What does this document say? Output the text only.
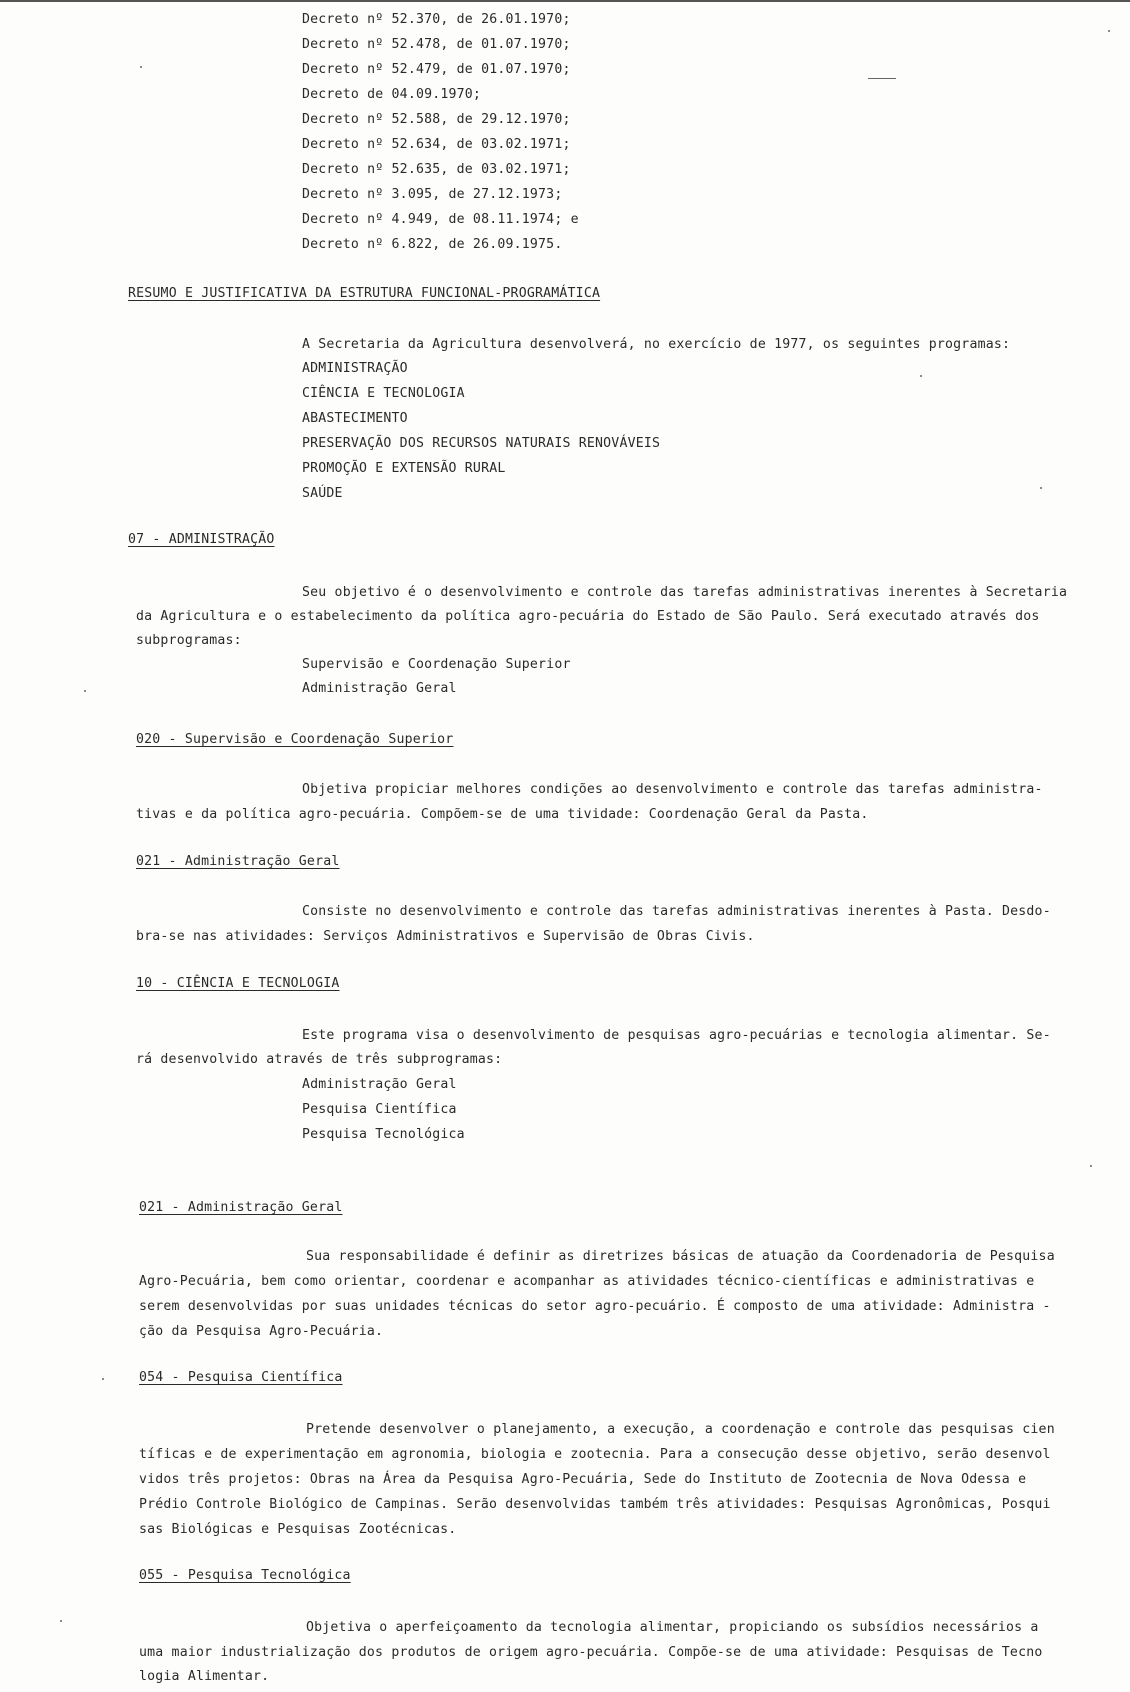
Decreto nº 52.370, de 26.01.1970;
Decreto nº 52.478, de 01.07.1970;
Decreto nº 52.479, de 01.07.1970;
Decreto de 04.09.1970;
Decreto nº 52.588, de 29.12.1970;
Decreto nº 52.634, de 03.02.1971;
Decreto nº 52.635, de 03.02.1971;
Decreto nº 3.095, de 27.12.1973;
Decreto nº 4.949, de 08.11.1974; e
Decreto nº 6.822, de 26.09.1975.
RESUMO E JUSTIFICATIVA DA ESTRUTURA FUNCIONAL-PROGRAMÁTICA
A Secretaria da Agricultura desenvolverá, no exercício de 1977, os seguintes programas:
ADMINISTRAÇÃO
CIÊNCIA E TECNOLOGIA
ABASTECIMENTO
PRESERVAÇÃO DOS RECURSOS NATURAIS RENOVÁVEIS
PROMOÇÃO E EXTENSÃO RURAL
SAÚDE
07 - ADMINISTRAÇÃO
Seu objetivo é o desenvolvimento e controle das tarefas administrativas inerentes à Secretaria
da Agricultura e o estabelecimento da política agro-pecuária do Estado de São Paulo. Será executado através dos
subprogramas:
Supervisão e Coordenação Superior
Administração Geral
020 - Supervisão e Coordenação Superior
Objetiva propiciar melhores condições ao desenvolvimento e controle das tarefas administra-
tivas e da política agro-pecuária. Compõem-se de uma tividade: Coordenação Geral da Pasta.
021 - Administração Geral
Consiste no desenvolvimento e controle das tarefas administrativas inerentes à Pasta. Desdo-
bra-se nas atividades: Serviços Administrativos e Supervisão de Obras Civis.
10 - CIÊNCIA E TECNOLOGIA
Este programa visa o desenvolvimento de pesquisas agro-pecuárias e tecnologia alimentar. Se-
rá desenvolvido através de três subprogramas:
Administração Geral
Pesquisa Científica
Pesquisa Tecnológica
021 - Administração Geral
Sua responsabilidade é definir as diretrizes básicas de atuação da Coordenadoria de Pesquisa
Agro-Pecuária, bem como orientar, coordenar e acompanhar as atividades técnico-científicas e administrativas e
serem desenvolvidas por suas unidades técnicas do setor agro-pecuário. É composto de uma atividade: Administra -
ção da Pesquisa Agro-Pecuária.
054 - Pesquisa Científica
Pretende desenvolver o planejamento, a execução, a coordenação e controle das pesquisas cien
tíficas e de experimentação em agronomia, biologia e zootecnia. Para a consecução desse objetivo, serão desenvol
vidos três projetos: Obras na Área da Pesquisa Agro-Pecuária, Sede do Instituto de Zootecnia de Nova Odessa e
Prédio Controle Biológico de Campinas. Serão desenvolvidas também três atividades: Pesquisas Agronômicas, Posqui
sas Biológicas e Pesquisas Zootécnicas.
055 - Pesquisa Tecnológica
Objetiva o aperfeiçoamento da tecnologia alimentar, propiciando os subsídios necessários a
uma maior industrialização dos produtos de origem agro-pecuária. Compõe-se de uma atividade: Pesquisas de Tecno
logia Alimentar.
